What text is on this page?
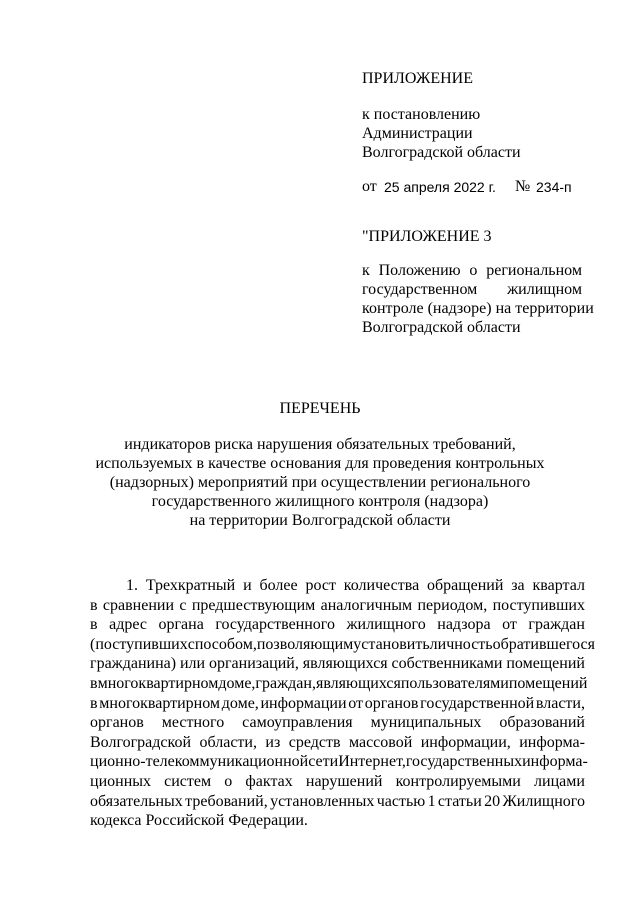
ПРИЛОЖЕНИЕ
к постановлению
Администрации
Волгоградской области
от 25 апреля 2022 г. № 234-п
"ПРИЛОЖЕНИЕ 3
к Положению о региональном
государственном жилищном
контроле (надзоре) на территории
Волгоградской области
ПЕРЕЧЕНЬ
индикаторов риска нарушения обязательных требований,
используемых в качестве основания для проведения контрольных
(надзорных) мероприятий при осуществлении регионального
государственного жилищного контроля (надзора)
на территории Волгоградской области
1. Трехкратный и более рост количества обращений за квартал
в сравнении с предшествующим аналогичным периодом, поступивших
в адрес органа государственного жилищного надзора от граждан
(поступивших способом, позволяющим установить личность обратившегося
гражданина) или организаций, являющихся собственниками помещений
в многоквартирном доме, граждан, являющихся пользователями помещений
в многоквартирном доме, информации от органов государственной власти,
органов местного самоуправления муниципальных образований
Волгоградской области, из средств массовой информации, информа-
ционно-телекоммуникационной сети Интернет, государственных информа-
ционных систем о фактах нарушений контролируемыми лицами
обязательных требований, установленных частью 1 статьи 20 Жилищного
кодекса Российской Федерации.
